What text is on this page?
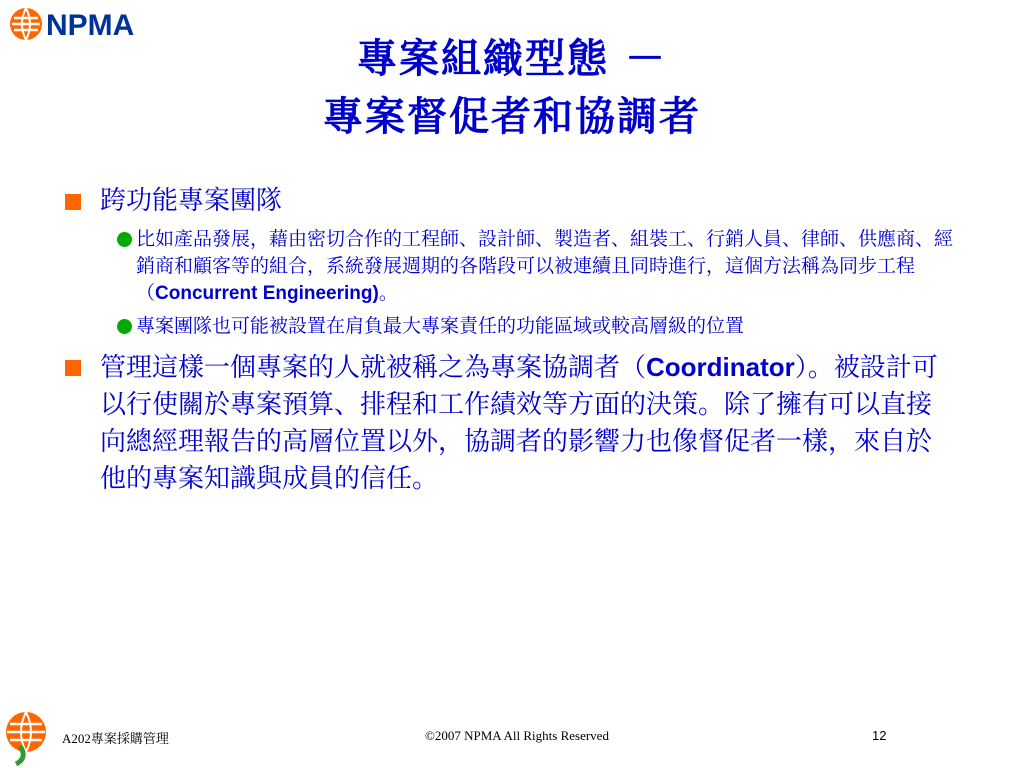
NPMA
專案組織型態 －
專案督促者和協調者
跨功能專案團隊
比如產品發展，藉由密切合作的工程師、設計師、製造者、組裝工、行銷人員、律師、供應商、經銷商和顧客等的組合，系統發展週期的各階段可以被連續且同時進行，這個方法稱為同步工程（Concurrent Engineering)。
專案團隊也可能被設置在肩負最大專案責任的功能區域或較高層級的位置
管理這樣一個專案的人就被稱之為專案協調者（Coordinator）。被設計可以行使關於專案預算、排程和工作績效等方面的決策。除了擁有可以直接向總經理報告的高層位置以外，協調者的影響力也像督促者一樣，來自於他的專案知識與成員的信任。
A202專案採購管理	©2007 NPMA All Rights Reserved	12
